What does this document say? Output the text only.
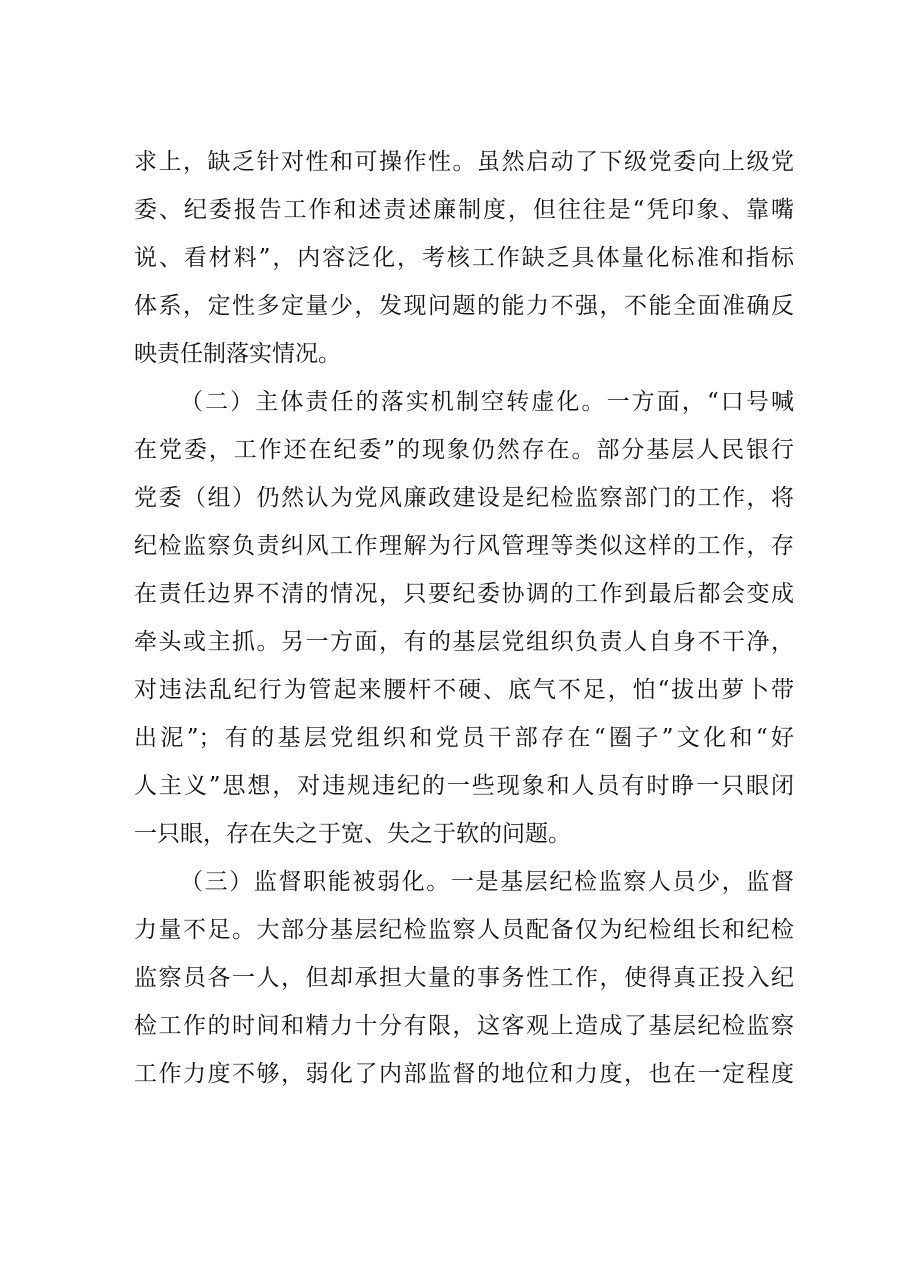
求上，缺乏针对性和可操作性。虽然启动了下级党委向上级党
委、纪委报告工作和述责述廉制度，但往往是“凭印象、靠嘴
说、看材料”，内容泛化，考核工作缺乏具体量化标准和指标
体系，定性多定量少，发现问题的能力不强，不能全面准确反
映责任制落实情况。
（二）主体责任的落实机制空转虚化。一方面，“口号喊
在党委，工作还在纪委”的现象仍然存在。部分基层人民银行
党委（组）仍然认为党风廉政建设是纪检监察部门的工作，将
纪检监察负责纠风工作理解为行风管理等类似这样的工作，存
在责任边界不清的情况，只要纪委协调的工作到最后都会变成
牵头或主抓。另一方面，有的基层党组织负责人自身不干净，
对违法乱纪行为管起来腰杆不硬、底气不足，怕“拔出萝卜带
出泥”；有的基层党组织和党员干部存在“圈子”文化和“好
人主义”思想，对违规违纪的一些现象和人员有时睁一只眼闭
一只眼，存在失之于宽、失之于软的问题。
（三）监督职能被弱化。一是基层纪检监察人员少，监督
力量不足。大部分基层纪检监察人员配备仅为纪检组长和纪检
监察员各一人，但却承担大量的事务性工作，使得真正投入纪
检工作的时间和精力十分有限，这客观上造成了基层纪检监察
工作力度不够，弱化了内部监督的地位和力度，也在一定程度
